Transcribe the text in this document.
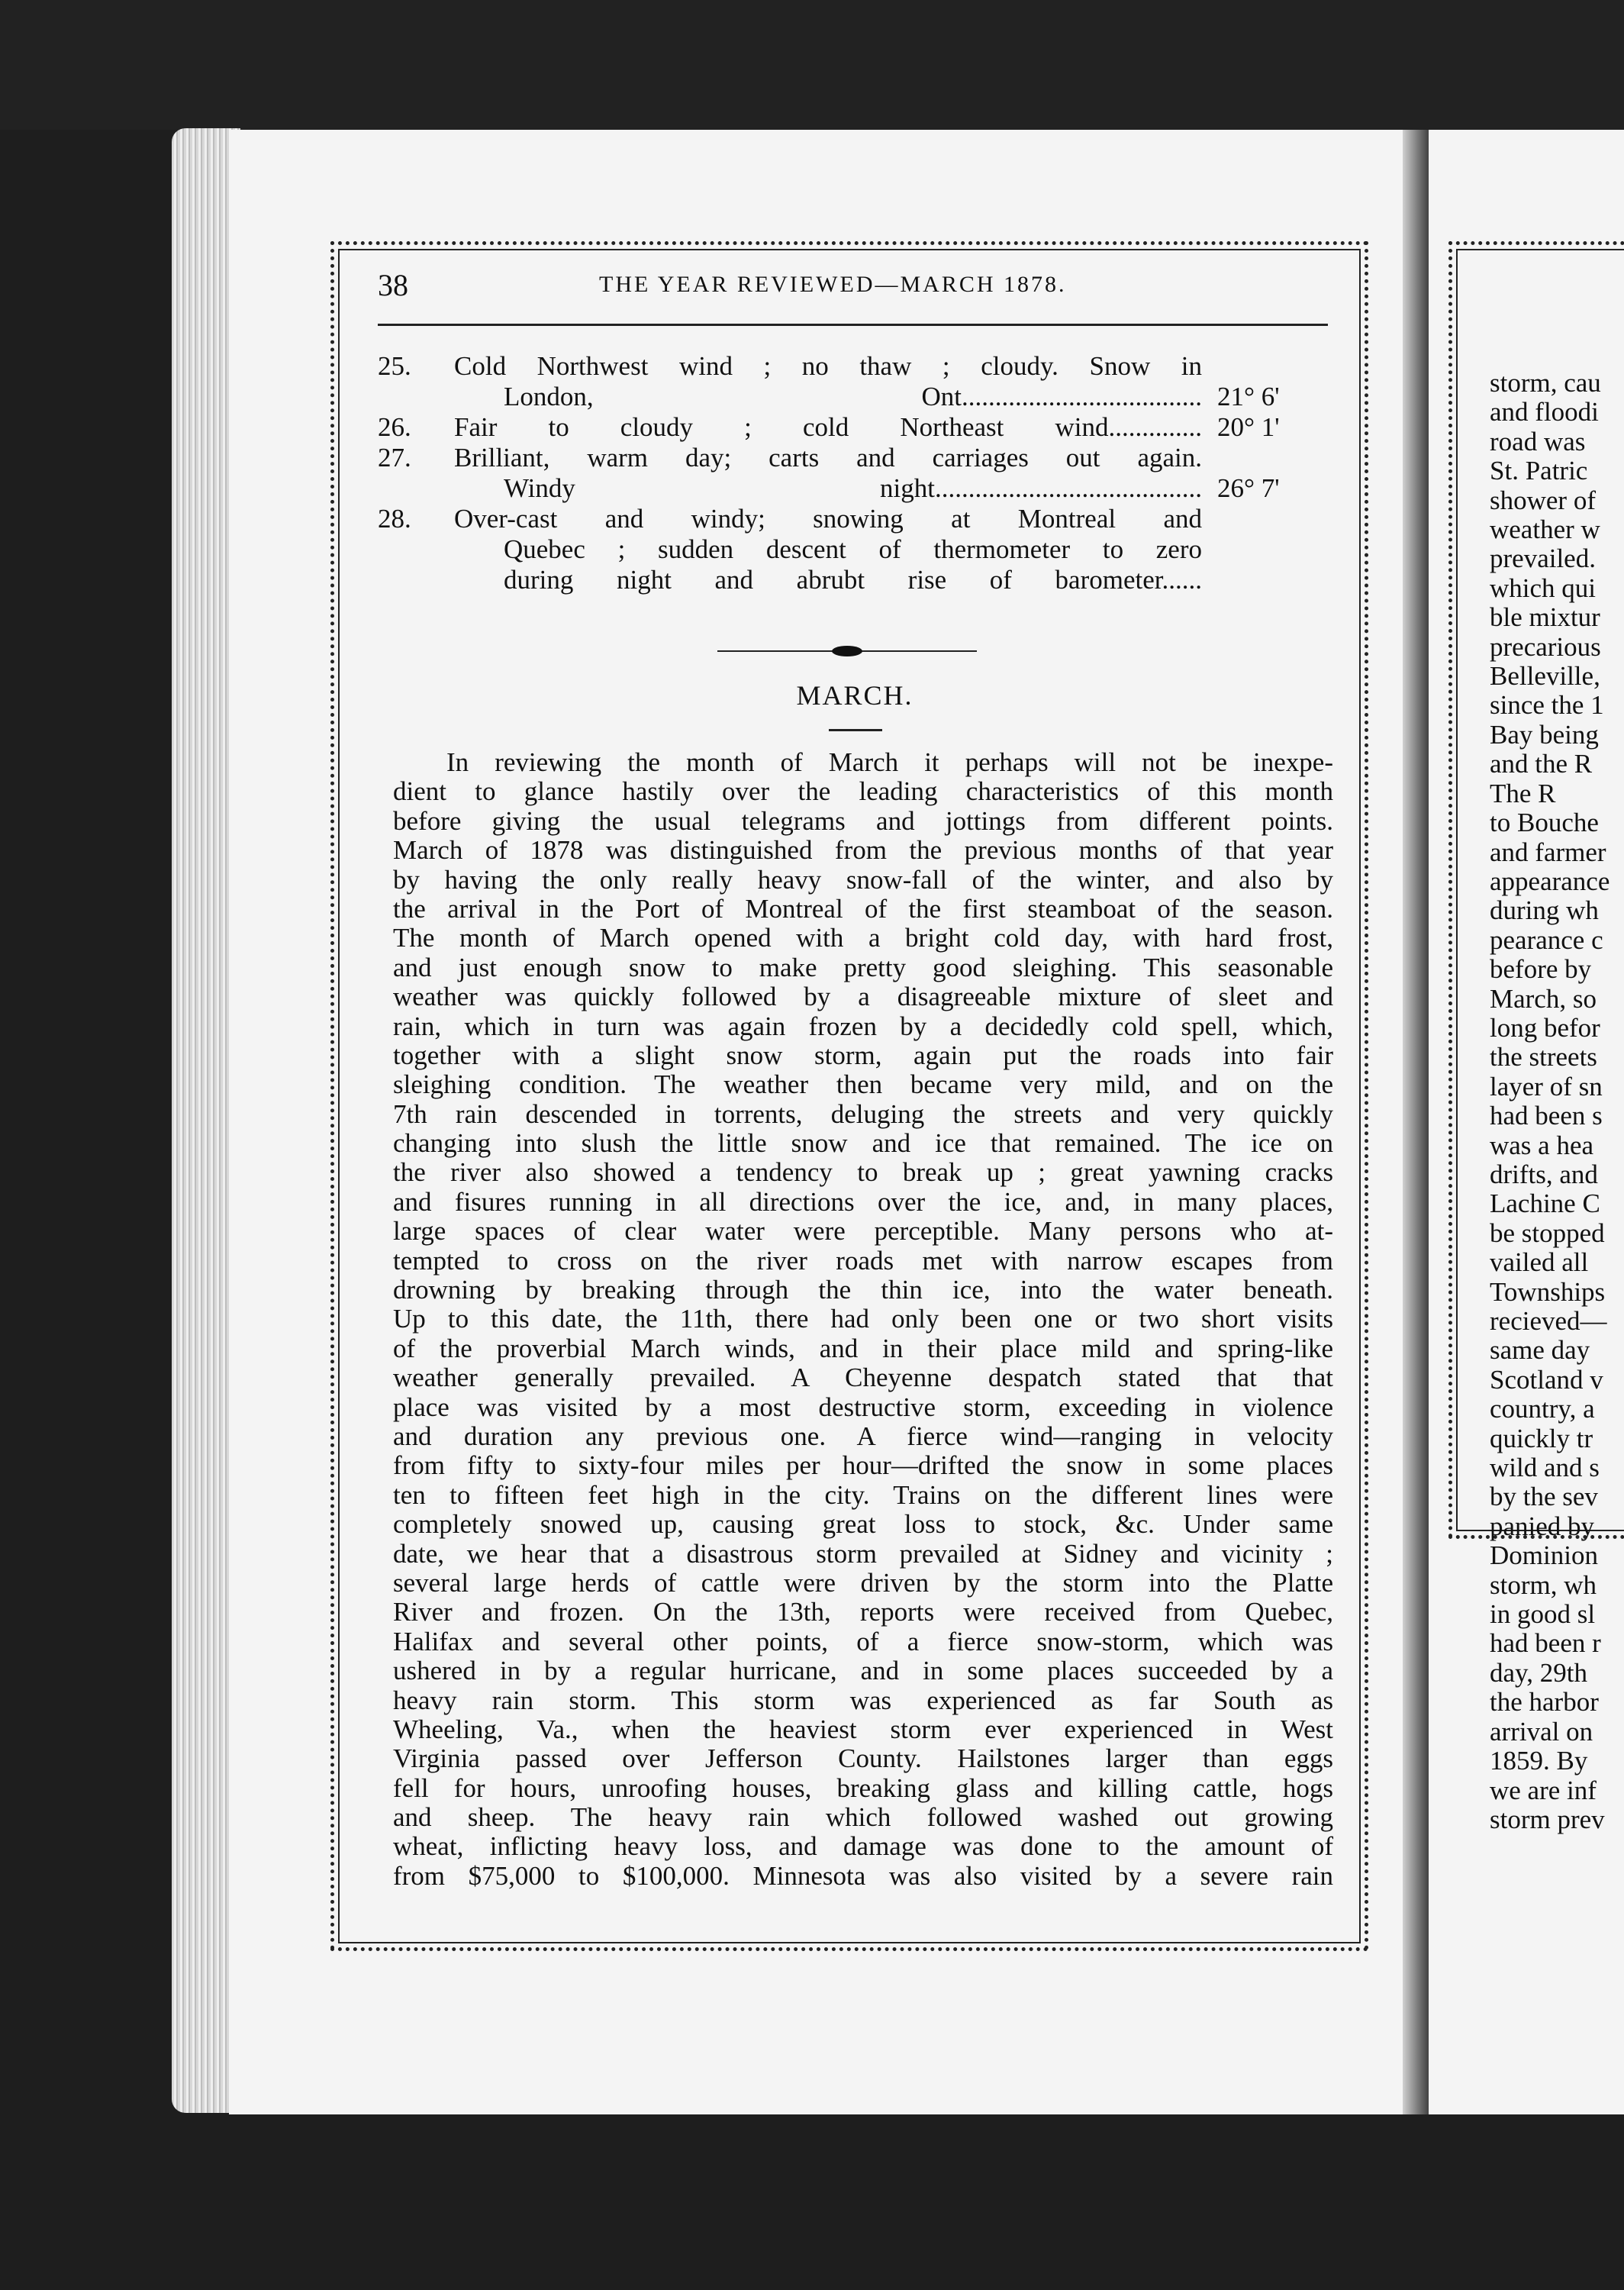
38	THE YEAR REVIEWED—MARCH 1878.
25. Cold Northwest wind ; no thaw ; cloudy. Snow in
London, Ont.................................... 21° 6'
26. Fair to cloudy ; cold Northeast wind.............. 20° 1'
27. Brilliant, warm day; carts and carriages out again.
Windy night........................................ 26° 7'
28. Over-cast and windy; snowing at Montreal and
Quebec ; sudden descent of thermometer to zero
during night and abrubt rise of barometer......
MARCH.
In reviewing the month of March it perhaps will not be inexpe-
dient to glance hastily over the leading characteristics of this month
before giving the usual telegrams and jottings from different points.
March of 1878 was distinguished from the previous months of that year
by having the only really heavy snow-fall of the winter, and also by
the arrival in the Port of Montreal of the first steamboat of the season.
The month of March opened with a bright cold day, with hard frost,
and just enough snow to make pretty good sleighing. This seasonable
weather was quickly followed by a disagreeable mixture of sleet and
rain, which in turn was again frozen by a decidedly cold spell, which,
together with a slight snow storm, again put the roads into fair
sleighing condition. The weather then became very mild, and on the
7th rain descended in torrents, deluging the streets and very quickly
changing into slush the little snow and ice that remained. The ice on
the river also showed a tendency to break up ; great yawning cracks
and fisures running in all directions over the ice, and, in many places,
large spaces of clear water were perceptible. Many persons who at-
tempted to cross on the river roads met with narrow escapes from
drowning by breaking through the thin ice, into the water beneath.
Up to this date, the 11th, there had only been one or two short visits
of the proverbial March winds, and in their place mild and spring-like
weather generally prevailed. A Cheyenne despatch stated that that
place was visited by a most destructive storm, exceeding in violence
and duration any previous one. A fierce wind—ranging in velocity
from fifty to sixty-four miles per hour—drifted the snow in some places
ten to fifteen feet high in the city. Trains on the different lines were
completely snowed up, causing great loss to stock, &c. Under same
date, we hear that a disastrous storm prevailed at Sidney and vicinity ;
several large herds of cattle were driven by the storm into the Platte
River and frozen. On the 13th, reports were received from Quebec,
Halifax and several other points, of a fierce snow-storm, which was
ushered in by a regular hurricane, and in some places succeeded by a
heavy rain storm. This storm was experienced as far South as
Wheeling, Va., when the heaviest storm ever experienced in West
Virginia passed over Jefferson County. Hailstones larger than eggs
fell for hours, unroofing houses, breaking glass and killing cattle, hogs
and sheep. The heavy rain which followed washed out growing
wheat, inflicting heavy loss, and damage was done to the amount of
from $75,000 to $100,000. Minnesota was also visited by a severe rain
storm, cau
and floodi
road was
St. Patric
shower of
weather w
prevailed.
which qui
ble mixtur
precarious
Belleville,
since the 1
Bay being
and the R
The R
to Bouche
and farmer
appearance
during wh
pearance c
before by
March, so
long befor
the streets
layer of sn
had been s
was a hea
drifts, and
Lachine C
be stopped
vailed all
Townships
recieved—
same day
Scotland v
country, a
quickly tr
wild and s
by the sev
panied by
Dominion
storm, wh
in good sl
had been r
day, 29th
the harbor
arrival on
1859. By
we are inf
storm prev
